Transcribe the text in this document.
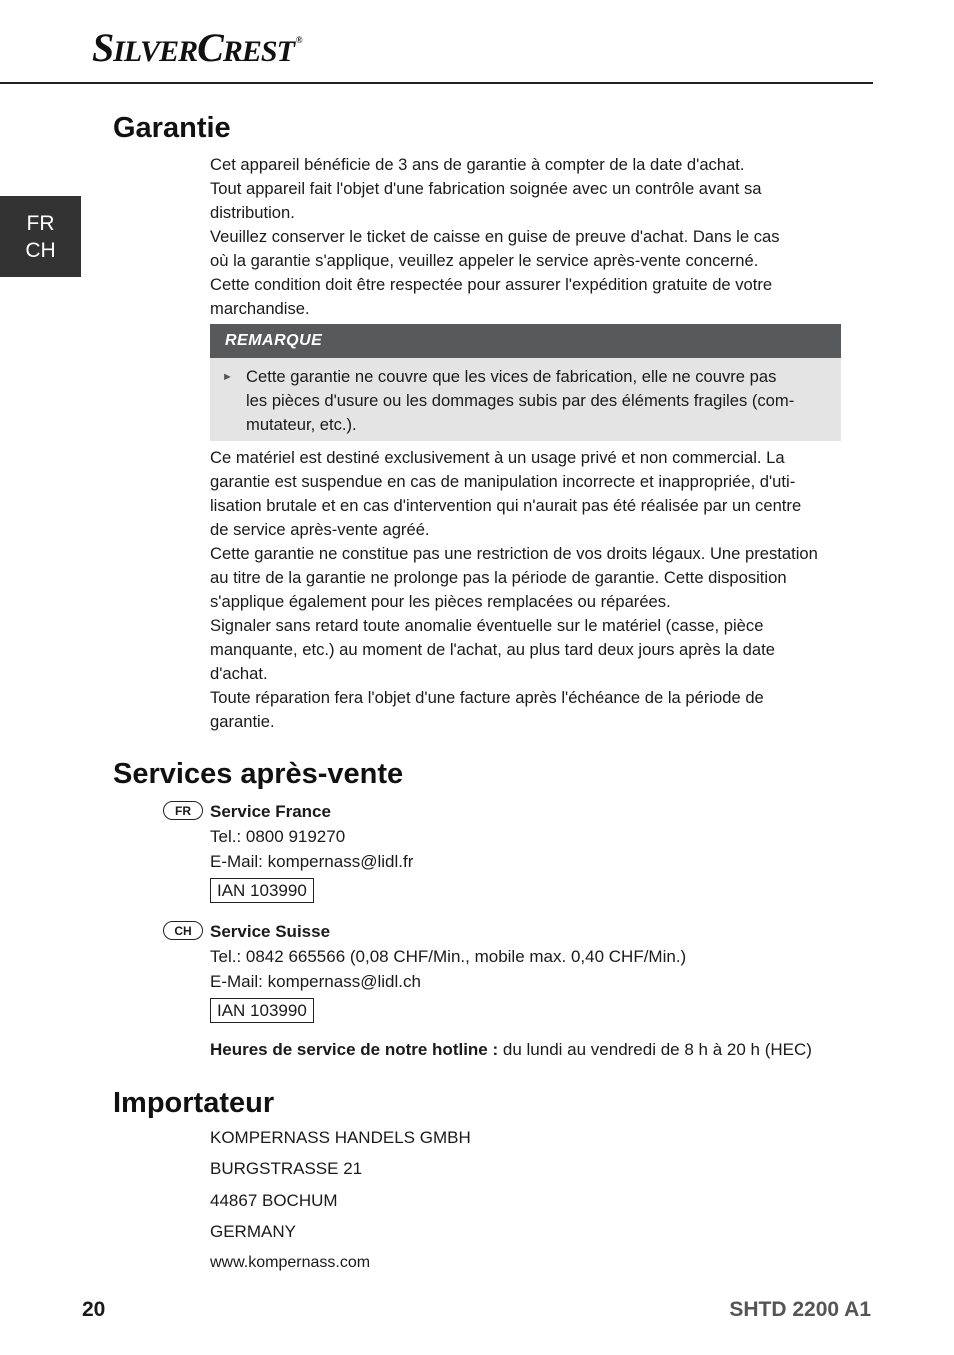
SILVERCREST ®
FR
CH
Garantie

Cet appareil bénéficie de 3 ans de garantie à compter de la date d'achat.

Tout appareil fait l'objet d'une fabrication soignée avec un contrôle avant sa

distribution.

Veuillez conserver le ticket de caisse en guise de preuve d'achat. Dans le cas

où la garantie s'applique, veuillez appeler le service après-vente concerné.

Cette condition doit être respectée pour assurer l'expédition gratuite de votre

marchandise.

REMARQUE
► Cette garantie ne couvre que les vices de fabrication, elle ne couvre pas
les pièces d'usure ou les dommages subis par des éléments fragiles (com-
mutateur, etc.).

Ce matériel est destiné exclusivement à un usage privé et non commercial. La

garantie est suspendue en cas de manipulation incorrecte et inappropriée, d'uti-

lisation brutale et en cas d'intervention qui n'aurait pas été réalisée par un centre

de service après-vente agréé.

Cette garantie ne constitue pas une restriction de vos droits légaux. Une prestation

au titre de la garantie ne prolonge pas la période de garantie. Cette disposition

s'applique également pour les pièces remplacées ou réparées.

Signaler sans retard toute anomalie éventuelle sur le matériel (casse, pièce

manquante, etc.) au moment de l'achat, au plus tard deux jours après la date

d'achat.

Toute réparation fera l'objet d'une facture après l'échéance de la période de

garantie.

Services après-vente
FR	Service France
Tel.: 0800 919270
E-Mail: kompernass@lidl.fr
IAN 103990
CH	Service Suisse
Tel.: 0842 665566 (0,08 CHF/Min., mobile max. 0,40 CHF/Min.)
E-Mail: kompernass@lidl.ch
IAN 103990
Heures de service de notre hotline : du lundi au vendredi de 8 h à 20 h (HEC)
Importateur
KOMPERNASS HANDELS GMBH
BURGSTRASSE 21
44867 BOCHUM
GERMANY
www.kompernass.com
20	SHTD 2200 A1
